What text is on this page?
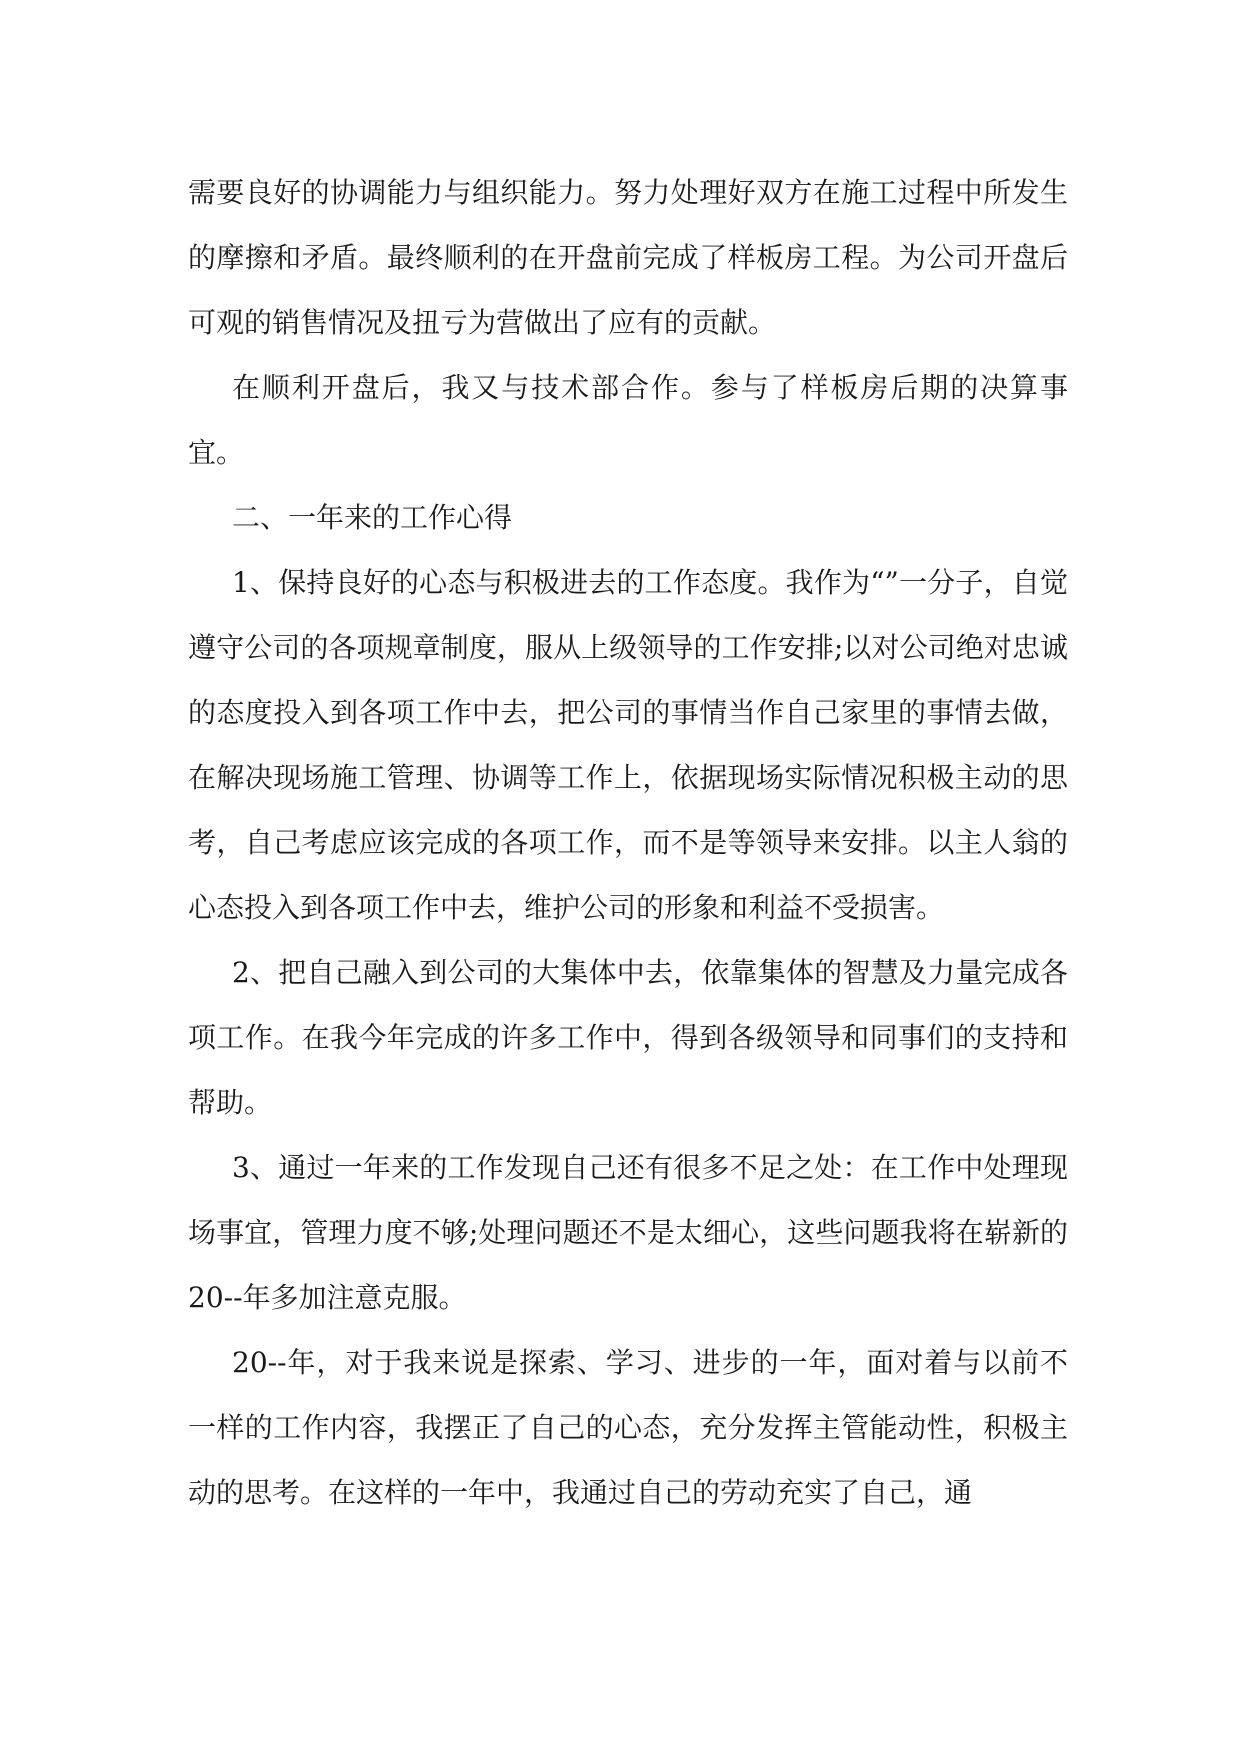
需要良好的协调能力与组织能力。努力处理好双方在施工过程中所发生的摩擦和矛盾。最终顺利的在开盘前完成了样板房工程。为公司开盘后可观的销售情况及扭亏为营做出了应有的贡献。

在顺利开盘后，我又与技术部合作。参与了样板房后期的决算事宜。

二、一年来的工作心得

1、保持良好的心态与积极进去的工作态度。我作为“”一分子，自觉遵守公司的各项规章制度，服从上级领导的工作安排;以对公司绝对忠诚的态度投入到各项工作中去，把公司的事情当作自己家里的事情去做，在解决现场施工管理、协调等工作上，依据现场实际情况积极主动的思考，自己考虑应该完成的各项工作，而不是等领导来安排。以主人翁的心态投入到各项工作中去，维护公司的形象和利益不受损害。

2、把自己融入到公司的大集体中去，依靠集体的智慧及力量完成各项工作。在我今年完成的许多工作中，得到各级领导和同事们的支持和帮助。

3、通过一年来的工作发现自己还有很多不足之处：在工作中处理现场事宜，管理力度不够;处理问题还不是太细心，这些问题我将在崭新的20--年多加注意克服。

20--年，对于我来说是探索、学习、进步的一年，面对着与以前不一样的工作内容，我摆正了自己的心态，充分发挥主管能动性，积极主动的思考。在这样的一年中，我通过自己的劳动充实了自己，通
